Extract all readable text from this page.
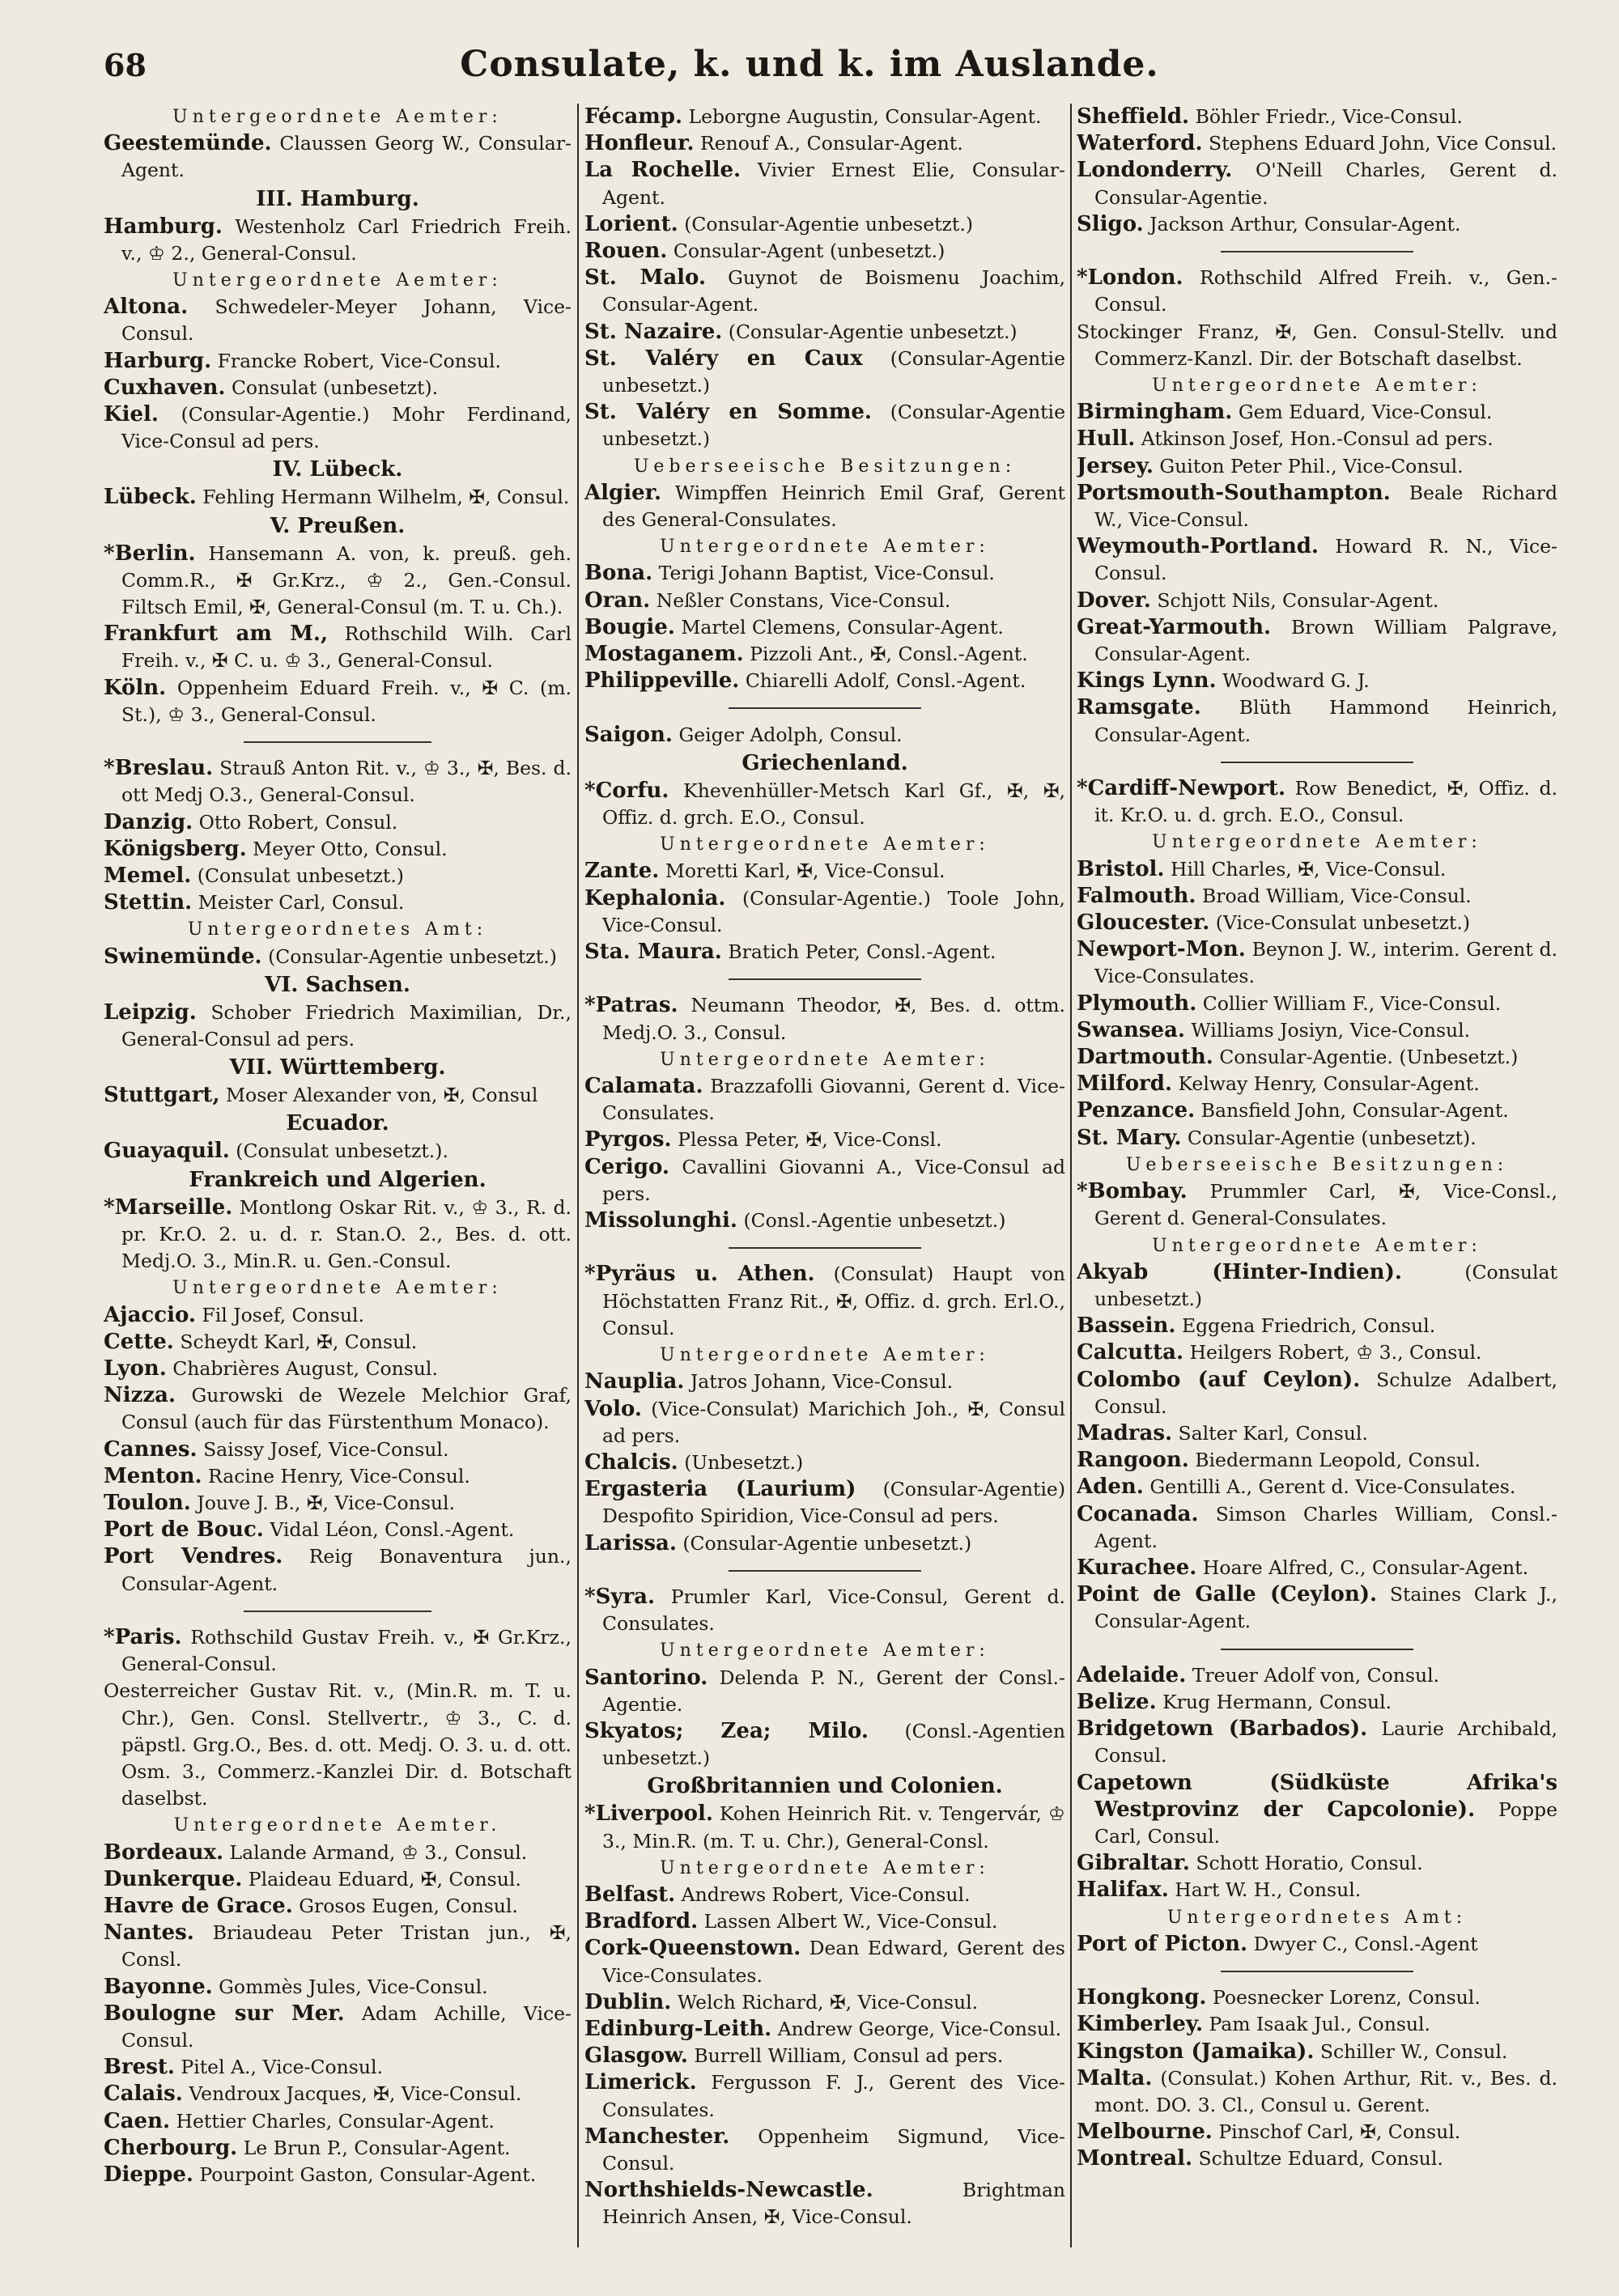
68	Consulate, k. und k. im Auslande.
Untergeordnete Aemter:
Geestemünde. Claussen Georg W., Consular-Agent.
III. Hamburg.
Hamburg. Westenholz Carl Friedrich Freih. v., ♔ 2., General-Consul.
Untergeordnete Aemter:
Altona. Schwedeler-Meyer Johann, Vice-Consul.
Harburg. Francke Robert, Vice-Consul.
Cuxhaven. Consulat (unbesetzt).
Kiel. (Consular-Agentie.) Mohr Ferdinand, Vice-Consul ad pers.
IV. Lübeck.
Lübeck. Fehling Hermann Wilhelm, ✠, Consul.
V. Preußen.
*Berlin. Hansemann A. von, k. preuß. geh. Comm.R., ✠ Gr.Krz., ♔ 2., Gen.-Consul. Filtsch Emil, ✠, General-Consul (m. T. u. Ch.).
Frankfurt am M., Rothschild Wilh. Carl Freih. v., ✠ C. u. ♔ 3., General-Consul.
Köln. Oppenheim Eduard Freih. v., ✠ C. (m. St.), ♔ 3., General-Consul.
*Breslau. Strauß Anton Rit. v., ♔ 3., ✠, Bes. d. ott Medj O.3., General-Consul.
Danzig. Otto Robert, Consul.
Königsberg. Meyer Otto, Consul.
Memel. (Consulat unbesetzt.)
Stettin. Meister Carl, Consul.
Untergeordnetes Amt:
Swinemünde. (Consular-Agentie unbesetzt.)
VI. Sachsen.
Leipzig. Schober Friedrich Maximilian, Dr., General-Consul ad pers.
VII. Württemberg.
Stuttgart, Moser Alexander von, ✠, Consul
Ecuador.
Guayaquil. (Consulat unbesetzt.).
Frankreich und Algerien.
*Marseille. Montlong Oskar Rit. v., ♔ 3., R. d. pr. Kr.O. 2. u. d. r. Stan.O. 2., Bes. d. ott. Medj.O. 3., Min.R. u. Gen.-Consul.
Untergeordnete Aemter:
Ajaccio. Fil Josef, Consul.
Cette. Scheydt Karl, ✠, Consul.
Lyon. Chabrières August, Consul.
Nizza. Gurowski de Wezele Melchior Graf, Consul (auch für das Fürstenthum Monaco).
Cannes. Saissy Josef, Vice-Consul.
Menton. Racine Henry, Vice-Consul.
Toulon. Jouve J. B., ✠, Vice-Consul.
Port de Bouc. Vidal Léon, Consl.-Agent.
Port Vendres. Reig Bonaventura jun., Consular-Agent.
*Paris. Rothschild Gustav Freih. v., ✠ Gr.Krz., General-Consul.
Oesterreicher Gustav Rit. v., (Min.R. m. T. u. Chr.), Gen. Consl. Stellvertr., ♔ 3., C. d. päpstl. Grg.O., Bes. d. ott. Medj. O. 3. u. d. ott. Osm. 3., Commerz.-Kanzlei Dir. d. Botschaft daselbst.
Untergeordnete Aemter.
Bordeaux. Lalande Armand, ♔ 3., Consul.
Dunkerque. Plaideau Eduard, ✠, Consul.
Havre de Grace. Grosos Eugen, Consul.
Nantes. Briaudeau Peter Tristan jun., ✠, Consl.
Bayonne. Gommès Jules, Vice-Consul.
Boulogne sur Mer. Adam Achille, Vice-Consul.
Brest. Pitel A., Vice-Consul.
Calais. Vendroux Jacques, ✠, Vice-Consul.
Caen. Hettier Charles, Consular-Agent.
Cherbourg. Le Brun P., Consular-Agent.
Dieppe. Pourpoint Gaston, Consular-Agent.
Fécamp. Leborgne Augustin, Consular-Agent.
Honfleur. Renouf A., Consular-Agent.
La Rochelle. Vivier Ernest Elie, Consular-Agent.
Lorient. (Consular-Agentie unbesetzt.)
Rouen. Consular-Agent (unbesetzt.)
St. Malo. Guynot de Boismenu Joachim, Consular-Agent.
St. Nazaire. (Consular-Agentie unbesetzt.)
St. Valéry en Caux (Consular-Agentie unbesetzt.)
St. Valéry en Somme. (Consular-Agentie unbesetzt.)
Ueberseeische Besitzungen:
Algier. Wimpffen Heinrich Emil Graf, Gerent des General-Consulates.
Untergeordnete Aemter:
Bona. Terigi Johann Baptist, Vice-Consul.
Oran. Neßler Constans, Vice-Consul.
Bougie. Martel Clemens, Consular-Agent.
Mostaganem. Pizzoli Ant., ✠, Consl.-Agent.
Philippeville. Chiarelli Adolf, Consl.-Agent.
Saigon. Geiger Adolph, Consul.
Griechenland.
*Corfu. Khevenhüller-Metsch Karl Gf., ✠, ✠, Offiz. d. grch. E.O., Consul.
Untergeordnete Aemter:
Zante. Moretti Karl, ✠, Vice-Consul.
Kephalonia. (Consular-Agentie.) Toole John, Vice-Consul.
Sta. Maura. Bratich Peter, Consl.-Agent.
*Patras. Neumann Theodor, ✠, Bes. d. ottm. Medj.O. 3., Consul.
Untergeordnete Aemter:
Calamata. Brazzafolli Giovanni, Gerent d. Vice-Consulates.
Pyrgos. Plessa Peter, ✠, Vice-Consl.
Cerigo. Cavallini Giovanni A., Vice-Consul ad pers.
Missolunghi. (Consl.-Agentie unbesetzt.)
*Pyräus u. Athen. (Consulat) Haupt von Höchstatten Franz Rit., ✠, Offiz. d. grch. Erl.O., Consul.
Untergeordnete Aemter:
Nauplia. Jatros Johann, Vice-Consul.
Volo. (Vice-Consulat) Marichich Joh., ✠, Consul ad pers.
Chalcis. (Unbesetzt.)
Ergasteria (Laurium) (Consular-Agentie) Despofito Spiridion, Vice-Consul ad pers.
Larissa. (Consular-Agentie unbesetzt.)
*Syra. Prumler Karl, Vice-Consul, Gerent d. Consulates.
Untergeordnete Aemter:
Santorino. Delenda P. N., Gerent der Consl.-Agentie.
Skyatos; Zea; Milo. (Consl.-Agentien unbesetzt.)
Großbritannien und Colonien.
*Liverpool. Kohen Heinrich Rit. v. Tengervár, ♔ 3., Min.R. (m. T. u. Chr.), General-Consl.
Untergeordnete Aemter:
Belfast. Andrews Robert, Vice-Consul.
Bradford. Lassen Albert W., Vice-Consul.
Cork-Queenstown. Dean Edward, Gerent des Vice-Consulates.
Dublin. Welch Richard, ✠, Vice-Consul.
Edinburg-Leith. Andrew George, Vice-Consul.
Glasgow. Burrell William, Consul ad pers.
Limerick. Fergusson F. J., Gerent des Vice-Consulates.
Manchester. Oppenheim Sigmund, Vice-Consul.
Northshields-Newcastle.	Brightman Heinrich Ansen, ✠, Vice-Consul.
Sheffield. Böhler Friedr., Vice-Consul.
Waterford. Stephens Eduard John, Vice Consul.
Londonderry. O'Neill Charles, Gerent d. Consular-Agentie.
Sligo. Jackson Arthur, Consular-Agent.
*London. Rothschild Alfred Freih. v., Gen.-Consul.
Stockinger Franz, ✠, Gen. Consul-Stellv. und Commerz-Kanzl. Dir. der Botschaft daselbst.
Untergeordnete Aemter:
Birmingham. Gem Eduard, Vice-Consul.
Hull. Atkinson Josef, Hon.-Consul ad pers.
Jersey. Guiton Peter Phil., Vice-Consul.
Portsmouth-Southampton. Beale Richard W., Vice-Consul.
Weymouth-Portland. Howard R. N., Vice-Consul.
Dover. Schjott Nils, Consular-Agent.
Great-Yarmouth. Brown William Palgrave, Consular-Agent.
Kings Lynn. Woodward G. J.
Ramsgate. Blüth Hammond Heinrich, Consular-Agent.
*Cardiff-Newport. Row Benedict, ✠, Offiz. d. it. Kr.O. u. d. grch. E.O., Consul.
Untergeordnete Aemter:
Bristol. Hill Charles, ✠, Vice-Consul.
Falmouth. Broad William, Vice-Consul.
Gloucester. (Vice-Consulat unbesetzt.)
Newport-Mon. Beynon J. W., interim. Gerent d. Vice-Consulates.
Plymouth. Collier William F., Vice-Consul.
Swansea. Williams Josiyn, Vice-Consul.
Dartmouth. Consular-Agentie. (Unbesetzt.)
Milford. Kelway Henry, Consular-Agent.
Penzance. Bansfield John, Consular-Agent.
St. Mary. Consular-Agentie (unbesetzt).
Ueberseeische Besitzungen:
*Bombay. Prummler Carl, ✠, Vice-Consl., Gerent d. General-Consulates.
Untergeordnete Aemter:
Akyab (Hinter-Indien).	(Consulat unbesetzt.)
Bassein. Eggena Friedrich, Consul.
Calcutta. Heilgers Robert, ♔ 3., Consul.
Colombo (auf Ceylon). Schulze Adalbert, Consul.
Madras. Salter Karl, Consul.
Rangoon. Biedermann Leopold, Consul.
Aden. Gentilli A., Gerent d. Vice-Consulates.
Cocanada. Simson Charles William, Consl.-Agent.
Kurachee. Hoare Alfred, C., Consular-Agent.
Point de Galle (Ceylon). Staines Clark J., Consular-Agent.
Adelaide. Treuer Adolf von, Consul.
Belize. Krug Hermann, Consul.
Bridgetown (Barbados). Laurie Archibald, Consul.
Capetown (Südküste Afrika's Westprovinz der Capcolonie). Poppe Carl, Consul.
Gibraltar. Schott Horatio, Consul.
Halifax. Hart W. H., Consul.
Untergeordnetes Amt:
Port of Picton. Dwyer C., Consl.-Agent
Hongkong. Poesnecker Lorenz, Consul.
Kimberley. Pam Isaak Jul., Consul.
Kingston (Jamaika). Schiller W., Consul.
Malta. (Consulat.) Kohen Arthur, Rit. v., Bes. d. mont. DO. 3. Cl., Consul u. Gerent.
Melbourne. Pinschof Carl, ✠, Consul.
Montreal. Schultze Eduard, Consul.
